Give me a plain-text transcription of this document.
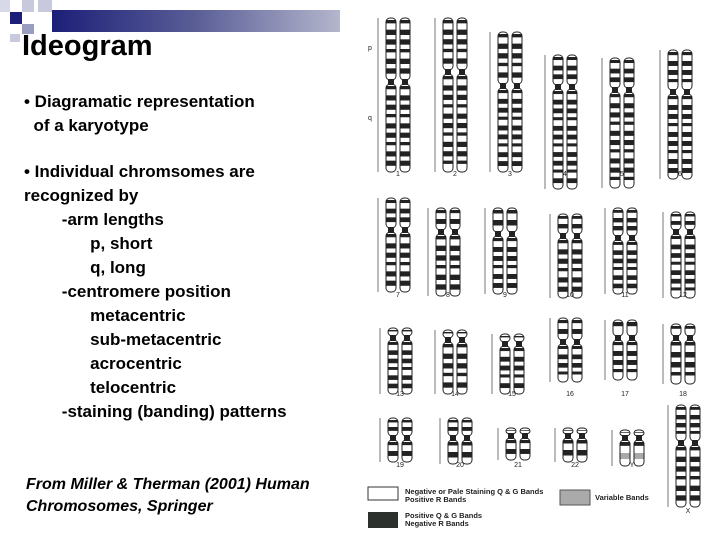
Ideogram
• Diagramatic representation
of a karyotype
• Individual chromsomes are
recognized by
-arm lengths
p, short
q, long
-centromere position
metacentric
sub-metacentric
acrocentric
telocentric
-staining (banding) patterns
From Miller & Therman (2001) Human
Chromosomes, Springer
Negative or Pale Staining Q & G Bands
Positive R Bands
Positive Q & G Bands
Negative R Bands
Variable Bands
1	2	3	4	5	6
7	8	9	10	11	12
13	14	15	16	17	18
19	20	21	22	Y
X
p
q
